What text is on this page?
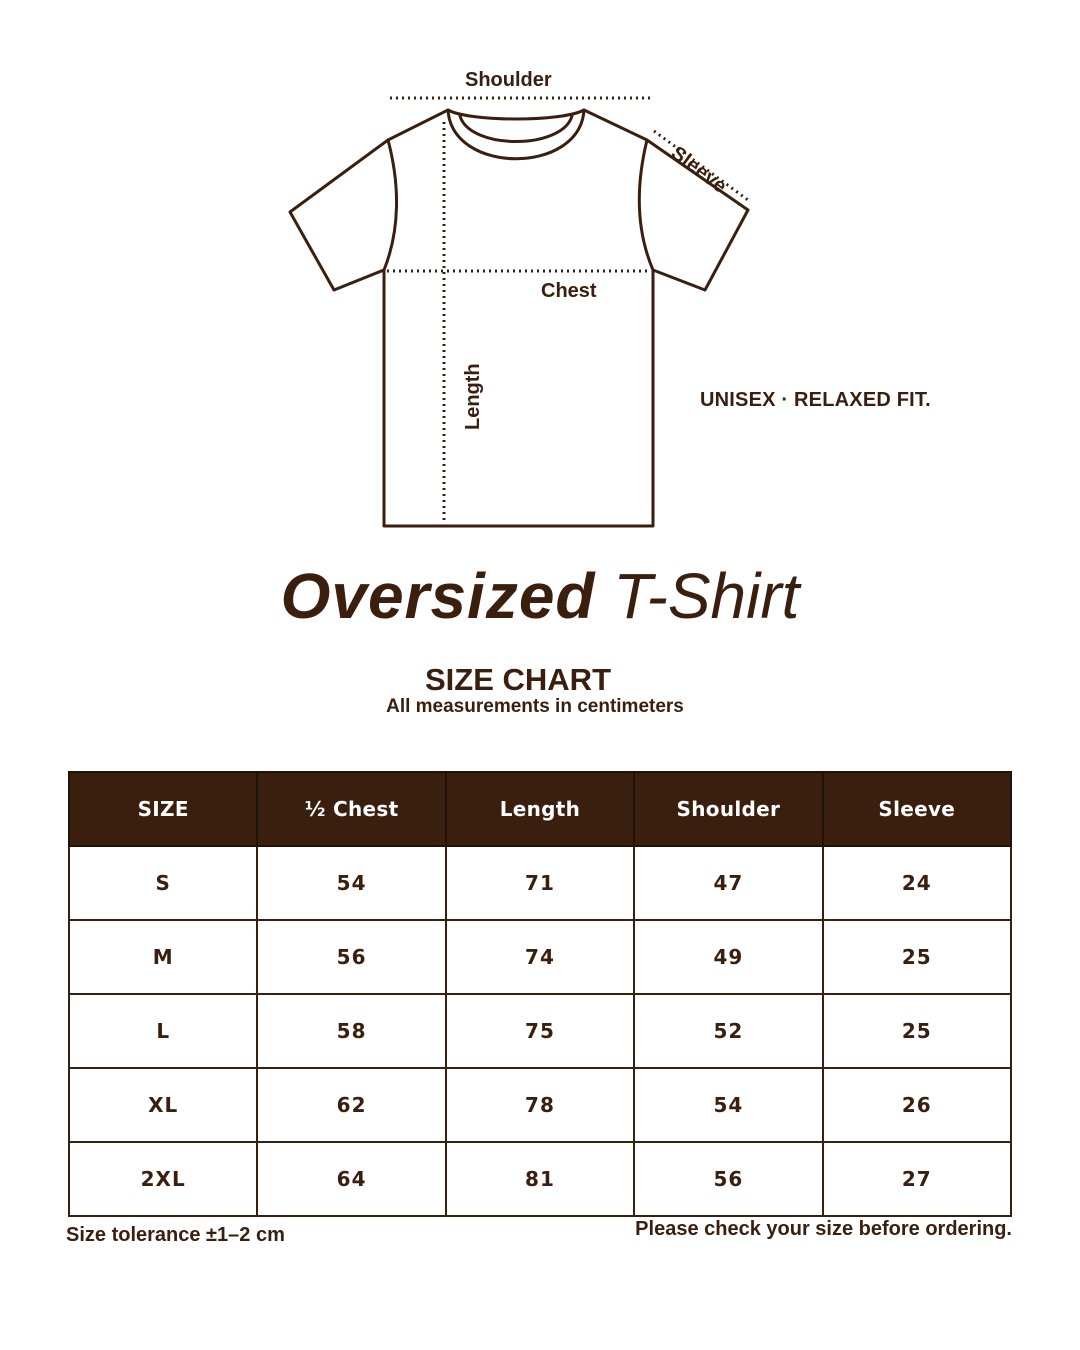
Shoulder
Sleeve
Chest
Length	UNISEX · RELAXED FIT.
Oversized T-Shirt
SIZE CHART
All measurements in centimeters
SIZE	½ Chest	Length	Shoulder	Sleeve
S	54	71	47	24
M	56	74	49	25
L	58	75	52	25
XL	62	78	54	26
2XL	64	81	56	27
Size tolerance ±1–2 cm	Please check your size before ordering.
